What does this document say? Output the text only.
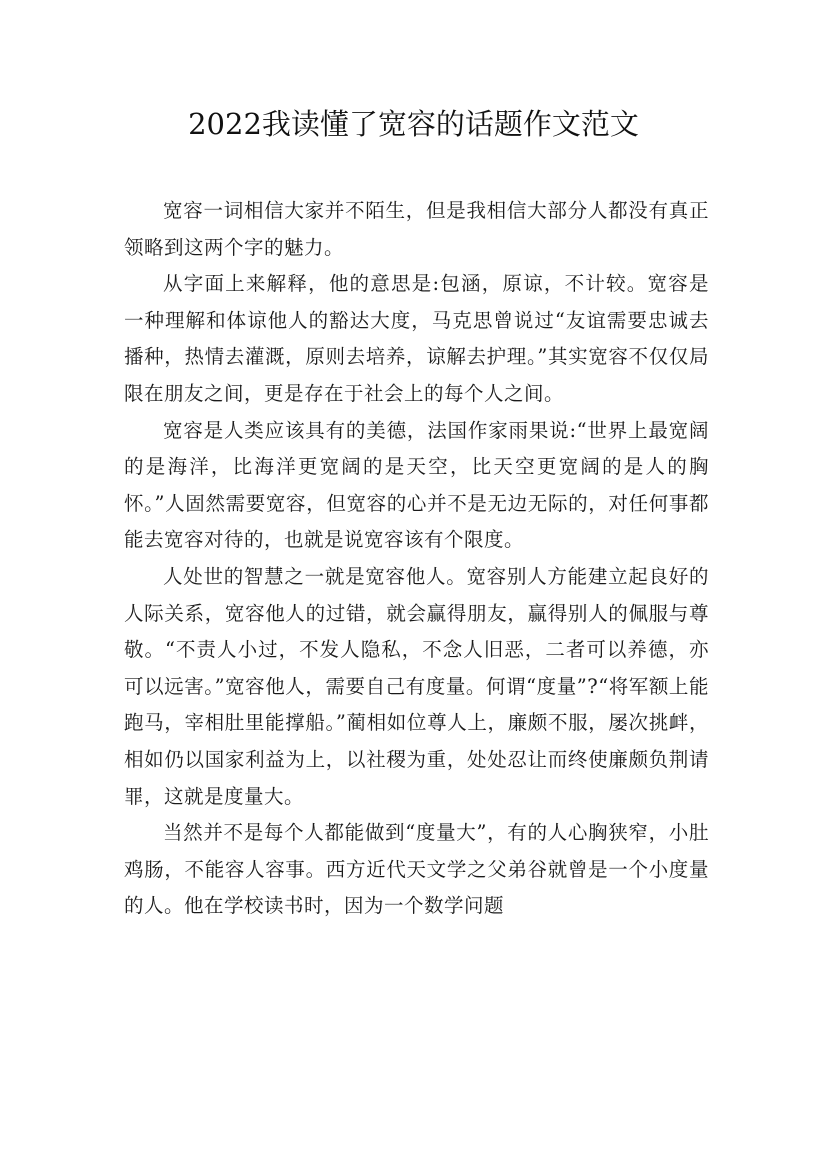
2022我读懂了宽容的话题作文范文

宽容一词相信大家并不陌生，但是我相信大部分人都没有真正领略到这两个字的魅力。

从字面上来解释，他的意思是:包涵，原谅，不计较。宽容是一种理解和体谅他人的豁达大度，马克思曾说过“友谊需要忠诚去播种，热情去灌溉，原则去培养，谅解去护理。”其实宽容不仅仅局限在朋友之间，更是存在于社会上的每个人之间。

宽容是人类应该具有的美德，法国作家雨果说:“世界上最宽阔的是海洋，比海洋更宽阔的是天空，比天空更宽阔的是人的胸怀。”人固然需要宽容，但宽容的心并不是无边无际的，对任何事都能去宽容对待的，也就是说宽容该有个限度。

人处世的智慧之一就是宽容他人。宽容别人方能建立起良好的人际关系，宽容他人的过错，就会赢得朋友，赢得别人的佩服与尊敬。“不责人小过，不发人隐私，不念人旧恶，二者可以养德，亦可以远害。”宽容他人，需要自己有度量。何谓“度量”?“将军额上能跑马，宰相肚里能撑船。”蔺相如位尊人上，廉颇不服，屡次挑衅，相如仍以国家利益为上，以社稷为重，处处忍让而终使廉颇负荆请罪，这就是度量大。

当然并不是每个人都能做到“度量大”，有的人心胸狭窄，小肚鸡肠，不能容人容事。西方近代天文学之父弟谷就曾是一个小度量的人。他在学校读书时，因为一个数学问题
